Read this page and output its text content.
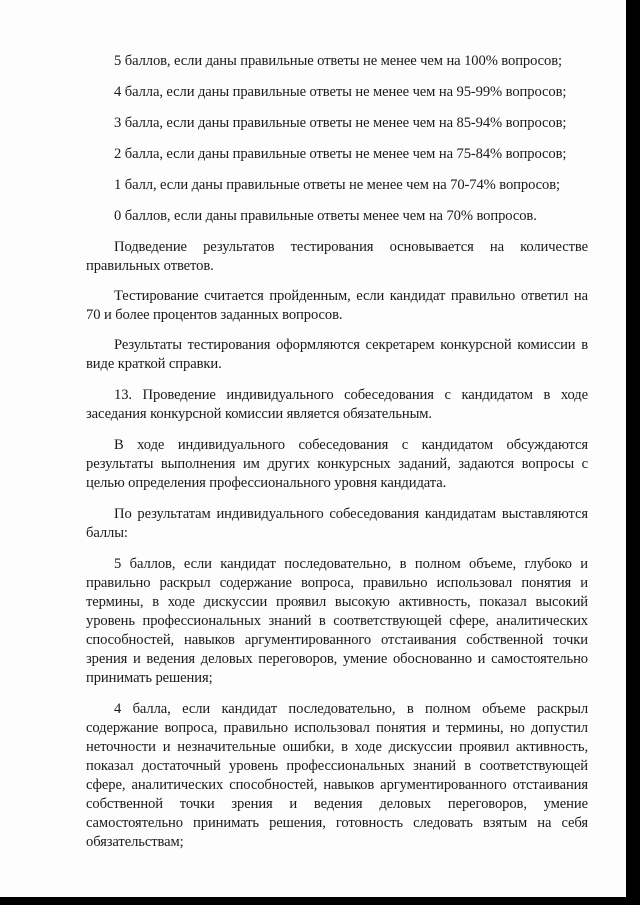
5 баллов, если даны правильные ответы не менее чем на 100% вопросов;

4 балла, если даны правильные ответы не менее чем на 95-99% вопросов;

3 балла, если даны правильные ответы не менее чем на 85-94% вопросов;

2 балла, если даны правильные ответы не менее чем на 75-84% вопросов;

1 балл, если даны правильные ответы не менее чем на 70-74% вопросов;

0 баллов, если даны правильные ответы менее чем на 70% вопросов.

Подведение результатов тестирования основывается на количестве правильных ответов.

Тестирование считается пройденным, если кандидат правильно ответил на 70 и более процентов заданных вопросов.

Результаты тестирования оформляются секретарем конкурсной комиссии в виде краткой справки.

13. Проведение индивидуального собеседования с кандидатом в ходе заседания конкурсной комиссии является обязательным.

В ходе индивидуального собеседования с кандидатом обсуждаются результаты выполнения им других конкурсных заданий, задаются вопросы с целью определения профессионального уровня кандидата.

По результатам индивидуального собеседования кандидатам выставляются баллы:

5 баллов, если кандидат последовательно, в полном объеме, глубоко и правильно раскрыл содержание вопроса, правильно использовал понятия и термины, в ходе дискуссии проявил высокую активность, показал высокий уровень профессиональных знаний в соответствующей сфере, аналитических способностей, навыков аргументированного отстаивания собственной точки зрения и ведения деловых переговоров, умение обоснованно и самостоятельно принимать решения;

4 балла, если кандидат последовательно, в полном объеме раскрыл содержание вопроса, правильно использовал понятия и термины, но допустил неточности и незначительные ошибки, в ходе дискуссии проявил активность, показал достаточный уровень профессиональных знаний в соответствующей сфере, аналитических способностей, навыков аргументированного отстаивания собственной точки зрения и ведения деловых переговоров, умение самостоятельно принимать решения, готовность следовать взятым на себя обязательствам;
